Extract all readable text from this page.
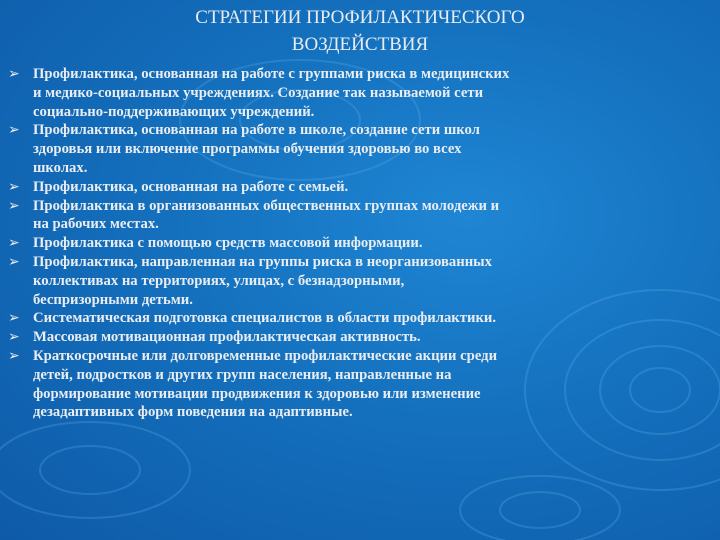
СТРАТЕГИИ ПРОФИЛАКТИЧЕСКОГО
ВОЗДЕЙСТВИЯ
➢ Профилактика, основанная на работе с группами риска в медицинских
и медико-социальных учреждениях. Создание так называемой сети
социально-поддерживающих учреждений.
➢ Профилактика, основанная на работе в школе, создание сети школ
здоровья или включение программы обучения здоровью во всех
школах.
➢ Профилактика, основанная на работе с семьей.
➢ Профилактика в организованных общественных группах молодежи и
на рабочих местах.
➢ Профилактика с помощью средств массовой информации.
➢ Профилактика, направленная на группы риска в неорганизованных
коллективах на территориях, улицах, с безнадзорными,
беспризорными детьми.
➢ Систематическая подготовка специалистов в области профилактики.
➢ Массовая мотивационная профилактическая активность.
➢ Краткосрочные или долговременные профилактические акции среди
детей, подростков и других групп населения, направленные на
формирование мотивации продвижения к здоровью или изменение
дезадаптивных форм поведения на адаптивные.
